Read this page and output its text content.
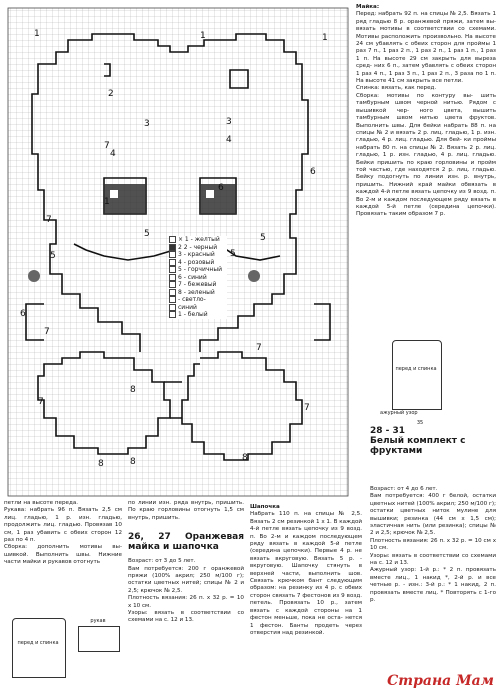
1	1	1
2
3	3
4
4
5	5
5
6
6
7
7
7
7
7
7
8
8
8
8
6
5
1
× 1 - желтый
2 2 - черный
3 - красный
4 - розовый
5 - горчичный
6 - синий
7 - бежевый
8 - зеленый
- светло-
синий
1 - белый

Майка:

Перед: набрать 92 п. на спицы № 2,5. Вязать 1 ряд гладью 8 р. оранжевой пряжи, затем вы- вязать мотивы в соответствии со схемами. Мотивы расположить произвольно. На высоте 24 см убавлять с обеих сторон для проймы 1 раз 7 п., 1 раз 2 п., 1 раз 2 п., 1 раз 1 п., 1 раз 1 п. На высоте 29 см закрыть для выреза сред- них 6 п., затем убавлять с обеих сторон 1 раз 4 п., 1 раз 3 п., 1 раз 2 п., 3 раза по 1 п. На высоте 41 см закрыть все петли.

Спинка: вязать, как перед.

Сборка: мотивы по контуру вы- шить тамбурным швом черной нитью. Рядом с вышивкой чер- ного цвета, вышить тамбурным швом нитью цвета фруктов. Выполнить швы. Для бейки набрать 88 п. на спицы № 2 и вязать 2 р. лиц. гладью, 1 р. изн. гладью, 4 р. лиц. гладью. Для бей- ки проймы набрать 80 п. на спицы № 2. Вязать 2 р. лиц. гладью, 1 р. изн. гладью, 4 р. лиц. гладью. Бейки пришить по краю горловины и пройм той частью, где находятся 2 р. лиц. гладью. Бейку подогнуть по линии изн. р. внутрь, пришить. Нижний край майки обвязать в каждой 4-й петле вязать цепочку из 9 возд. п. Во 2-м и каждом последующем ряду вязать в каждой 5-й петле (середина цепочки). Провязать таким образом 7 р.

перед и спинка
ажурный узор
35
28 - 31
Белый комплект с фруктами

Возраст: от 4 до 6 лет.

Вам потребуется: 400 г белой, остатки цветных нитей (100% акрил; 250 м/100 г); остатки цветных ниток мулине для вышивки; резинка (44 см х 1,5 см); эластичная нить (или резинка); спицы № 2 и 2,5; крючок № 2,5.

Плотность вязания: 26 п. х 32 р. = 10 см х 10 см.

Узоры: вязать в соответствии со схемами на с. 12 и 13.

Ажурный узор: 1-й р.: * 2 п. провязать вместе лиц., 1 накид *, 2-й р. и все четные р. - изн.: 3-й р.: * 1 накид, 2 п. провязать вместе лиц. * Повторять с 1-го р.

петли на высоте переда.

Рукава: набрать 96 п. Вязать 2,5 см лиц. гладью, 1 р. изн. гладью, продолжить лиц. гладью. Провязав 10 см, 1 раз убавить с обеих сторон 12 раз по 4 п.

Сборка: дополнить мотивы вы- шивкой. Выполнить швы. Нижние части майки и рукавов отогнуть

перед и спинка
рукав

по линии изн. ряда внутрь, пришить. По краю горловины отогнуть 1,5 см внутрь, пришить.

26, 27 Оранжевая майка и шапочка

Возраст: от 3 до 5 лет.

Вам потребуется: 200 г оранжевой пряжи (100% акрил; 250 м/100 г); остатки цветных нитей; спицы № 2 и 2,5; крючок № 2,5.

Плотность вязания: 26 п. х 32 р. = 10 х 10 см.

Узоры: вязать в соответствии со схемами на с. 12 и 13.

Шапочка

Набрать 110 п. на спицы № 2,5. Вязать 2 см резинкой 1 х 1. В каждой 4-й петле вязать цепочку из 9 возд. п. Во 2-м и каждом последующем ряду вязать в каждой 5-й петле (середина цепочки). Первые 4 р. не вязать вкруговую. Вязать 5 р. - вкруговую. Шапочку стянуть в верхней части, выполнить шов. Связать крючком бант следующим образом: на резинку из 4 р. с обеих сторон связать 7 фестонов из 9 возд. петель. Провязать 10 р., затем вязать с каждой стороны на 1 фестон меньше, пока не оста- нется 1 фестон. Банты продеть через отверстия над резинкой.

Страна Мам
